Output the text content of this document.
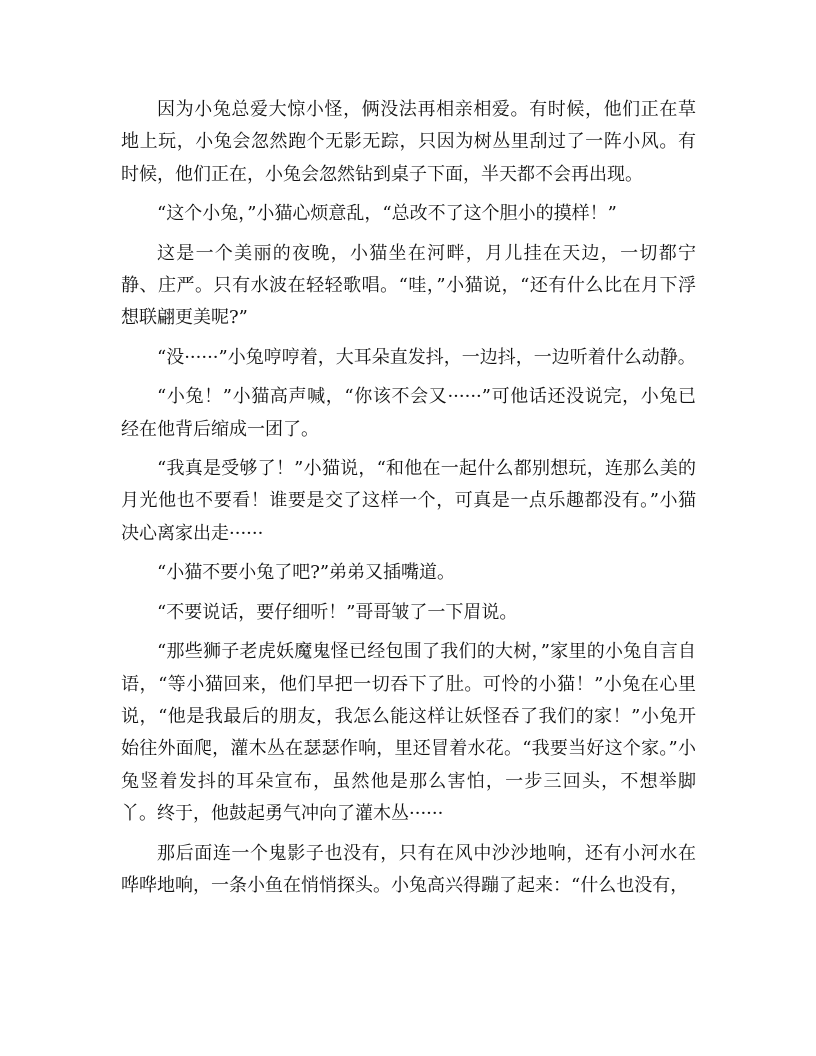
因为小兔总爱大惊小怪，俩没法再相亲相爱。有时候，他们正在草地上玩，小兔会忽然跑个无影无踪，只因为树丛里刮过了一阵小风。有时候，他们正在，小兔会忽然钻到桌子下面，半天都不会再出现。

“这个小兔，”小猫心烦意乱，“总改不了这个胆小的摸样！”

这是一个美丽的夜晚，小猫坐在河畔，月儿挂在天边，一切都宁静、庄严。只有水波在轻轻歌唱。“哇，”小猫说，“还有什么比在月下浮想联翩更美呢?”

“没······”小兔哼哼着，大耳朵直发抖，一边抖，一边听着什么动静。

“小兔！”小猫高声喊，“你该不会又······”可他话还没说完，小兔已经在他背后缩成一团了。

“我真是受够了！”小猫说，“和他在一起什么都别想玩，连那么美的月光他也不要看！谁要是交了这样一个，可真是一点乐趣都没有。”小猫决心离家出走······

“小猫不要小兔了吧?”弟弟又插嘴道。

“不要说话，要仔细听！”哥哥皱了一下眉说。

“那些狮子老虎妖魔鬼怪已经包围了我们的大树，”家里的小兔自言自语，“等小猫回来，他们早把一切吞下了肚。可怜的小猫！”小兔在心里说，“他是我最后的朋友，我怎么能这样让妖怪吞了我们的家！”小兔开始往外面爬，灌木丛在瑟瑟作响，里还冒着水花。“我要当好这个家。”小兔竖着发抖的耳朵宣布，虽然他是那么害怕，一步三回头，不想举脚丫。终于，他鼓起勇气冲向了灌木丛······

那后面连一个鬼影子也没有，只有在风中沙沙地响，还有小河水在哗哗地响，一条小鱼在悄悄探头。小兔高兴得蹦了起来：“什么也没有，
